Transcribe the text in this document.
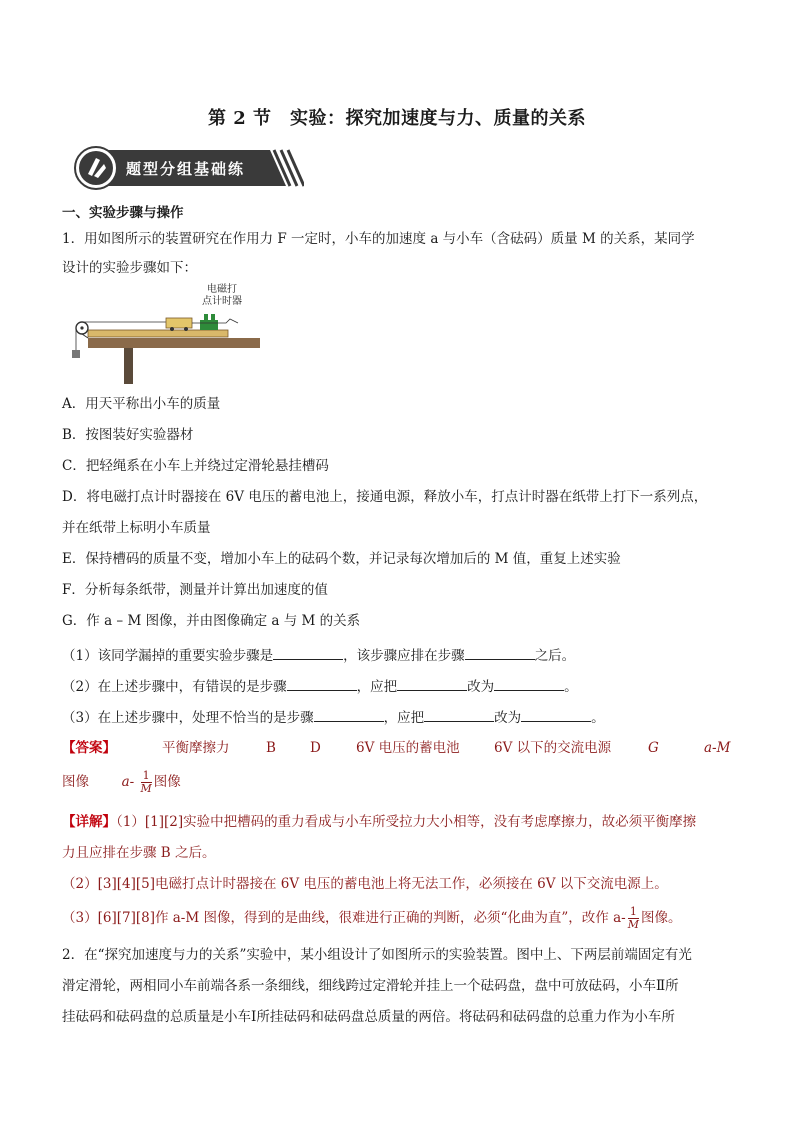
第 2 节　实验：探究加速度与力、质量的关系
题型分组基础练
一、实验步骤与操作
1．用如图所示的装置研究在作用力 F 一定时，小车的加速度 a 与小车（含砝码）质量 M 的关系，某同学
设计的实验步骤如下：
电磁打
点计时器
A．用天平称出小车的质量
B．按图装好实验器材
C．把轻绳系在小车上并绕过定滑轮悬挂槽码
D．将电磁打点计时器接在 6V 电压的蓄电池上，接通电源，释放小车，打点计时器在纸带上打下一系列点，
并在纸带上标明小车质量
E．保持槽码的质量不变，增加小车上的砝码个数，并记录每次增加后的 M 值，重复上述实验
F．分析每条纸带，测量并计算出加速度的值
G．作 a – M 图像，并由图像确定 a 与 M 的关系
（1）该同学漏掉的重要实验步骤是	，该步骤应排在步骤	之后。
（2）在上述步骤中，有错误的是步骤	，应把	改为	。
（3）在上述步骤中，处理不恰当的是步骤	，应把	改为	。
【答案】	平衡摩擦力	B	D	6V 电压的蓄电池	6V 以下的交流电源	G	a-M
图像 $a- \frac{1}{M}$ 图像
【详解】（1）[1][2]实验中把槽码的重力看成与小车所受拉力大小相等，没有考虑摩擦力，故必须平衡摩擦
力且应排在步骤 B 之后。
（2）[3][4][5]电磁打点计时器接在 6V 电压的蓄电池上将无法工作，必须接在 6V 以下交流电源上。
（3）[6][7][8]作 a-M 图像，得到的是曲线，很难进行正确的判断，必须“化曲为直”，改作 $a- \frac{1}{M}$ 图像。
2．在“探究加速度与力的关系”实验中，某小组设计了如图所示的实验装置。图中上、下两层前端固定有光
滑定滑轮，两相同小车前端各系一条细线，细线跨过定滑轮并挂上一个砝码盘，盘中可放砝码，小车Ⅱ所
挂砝码和砝码盘的总质量是小车Ⅰ所挂砝码和砝码盘总质量的两倍。将砝码和砝码盘的总重力作为小车所
